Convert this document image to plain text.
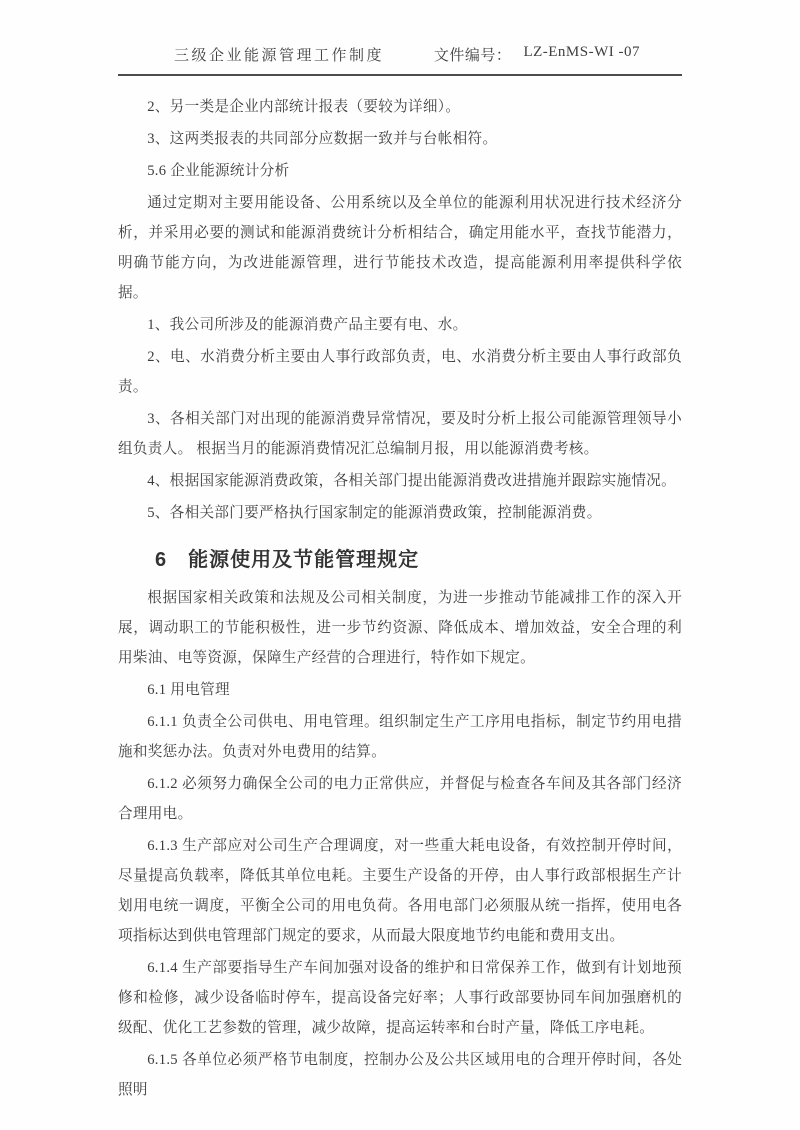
三级企业能源管理工作制度	文件编号： LZ-EnMS-WI -07

2、另一类是企业内部统计报表（要较为详细）。

3、这两类报表的共同部分应数据一致并与台帐相符。

5.6 企业能源统计分析

通过定期对主要用能设备、公用系统以及全单位的能源利用状况进行技术经济分析，并采用必要的测试和能源消费统计分析相结合，确定用能水平，查找节能潜力，明确节能方向，为改进能源管理，进行节能技术改造，提高能源利用率提供科学依据。

1、我公司所涉及的能源消费产品主要有电、水。

2、电、水消费分析主要由人事行政部负责，电、水消费分析主要由人事行政部负责。

3、各相关部门对出现的能源消费异常情况，要及时分析上报公司能源管理领导小组负责人。 根据当月的能源消费情况汇总编制月报，用以能源消费考核。

4、根据国家能源消费政策，各相关部门提出能源消费改进措施并跟踪实施情况。

5、各相关部门要严格执行国家制定的能源消费政策，控制能源消费。

6 能源使用及节能管理规定

根据国家相关政策和法规及公司相关制度，为进一步推动节能减排工作的深入开展，调动职工的节能积极性，进一步节约资源、降低成本、增加效益，安全合理的利用柴油、电等资源，保障生产经营的合理进行，特作如下规定。

6.1 用电管理

6.1.1 负责全公司供电、用电管理。组织制定生产工序用电指标，制定节约用电措施和奖惩办法。负责对外电费用的结算。

6.1.2 必须努力确保全公司的电力正常供应，并督促与检查各车间及其各部门经济合理用电。

6.1.3 生产部应对公司生产合理调度，对一些重大耗电设备，有效控制开停时间，尽量提高负载率，降低其单位电耗。主要生产设备的开停，由人事行政部根据生产计划用电统一调度，平衡全公司的用电负荷。各用电部门必须服从统一指挥，使用电各项指标达到供电管理部门规定的要求，从而最大限度地节约电能和费用支出。

6.1.4 生产部要指导生产车间加强对设备的维护和日常保养工作，做到有计划地预修和检修，减少设备临时停车，提高设备完好率；人事行政部要协同车间加强磨机的级配、优化工艺参数的管理，减少故障，提高运转率和台时产量，降低工序电耗。

6.1.5 各单位必须严格节电制度，控制办公及公共区域用电的合理开停时间，各处照明
